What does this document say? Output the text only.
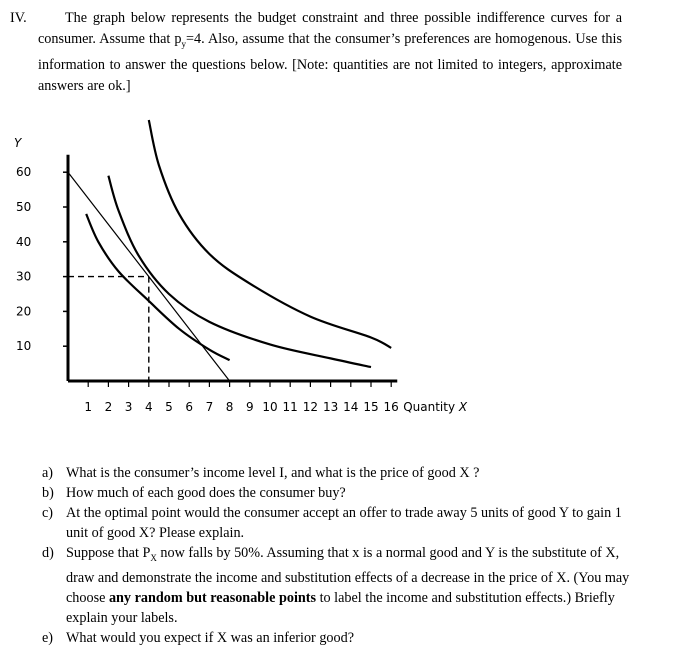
IV.	The graph below represents the budget constraint and three possible indifference curves for a consumer. Assume that $p_y=4$. Also, assume that the consumer’s preferences are homogenous. Use this information to answer the questions below. [Note: quantities are not limited to integers, approximate answers are ok.]
Y
60
50
40
30
20
10
1 2 3 4 5 6 7 8 9 10 11 12 13 14 15 16 Quantity X
a) What is the consumer’s income level I, and what is the price of good X ?
b) How much of each good does the consumer buy?
c) At the optimal point would the consumer accept an offer to trade away 5 units of good Y to gain 1 unit of good X? Please explain.
d) Suppose that $P_X$ now falls by 50%. Assuming that x is a normal good and Y is the substitute of X, draw and demonstrate the income and substitution effects of a decrease in the price of X. (You may choose any random but reasonable points to label the income and substitution effects.) Briefly explain your labels.
e) What would you expect if X was an inferior good?
